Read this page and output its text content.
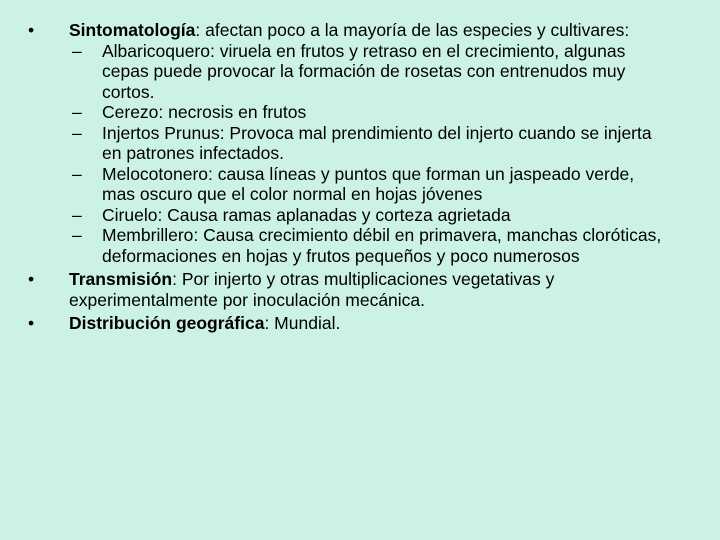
•	Sintomatología: afectan poco a la mayoría de las especies y cultivares:
– Albaricoquero: viruela en frutos y retraso en el crecimiento, algunas cepas puede provocar la formación de rosetas con entrenudos muy cortos.
– Cerezo: necrosis en frutos
– Injertos Prunus: Provoca mal prendimiento del injerto cuando se injerta en patrones infectados.
– Melocotonero: causa líneas y puntos que forman un jaspeado verde, mas oscuro que el color normal en hojas jóvenes
– Ciruelo: Causa ramas aplanadas y corteza agrietada
– Membrillero: Causa crecimiento débil en primavera, manchas cloróticas, deformaciones en hojas y frutos pequeños y poco numerosos
•	Transmisión: Por injerto y otras multiplicaciones vegetativas y experimentalmente por inoculación mecánica.
•	Distribución geográfica: Mundial.
